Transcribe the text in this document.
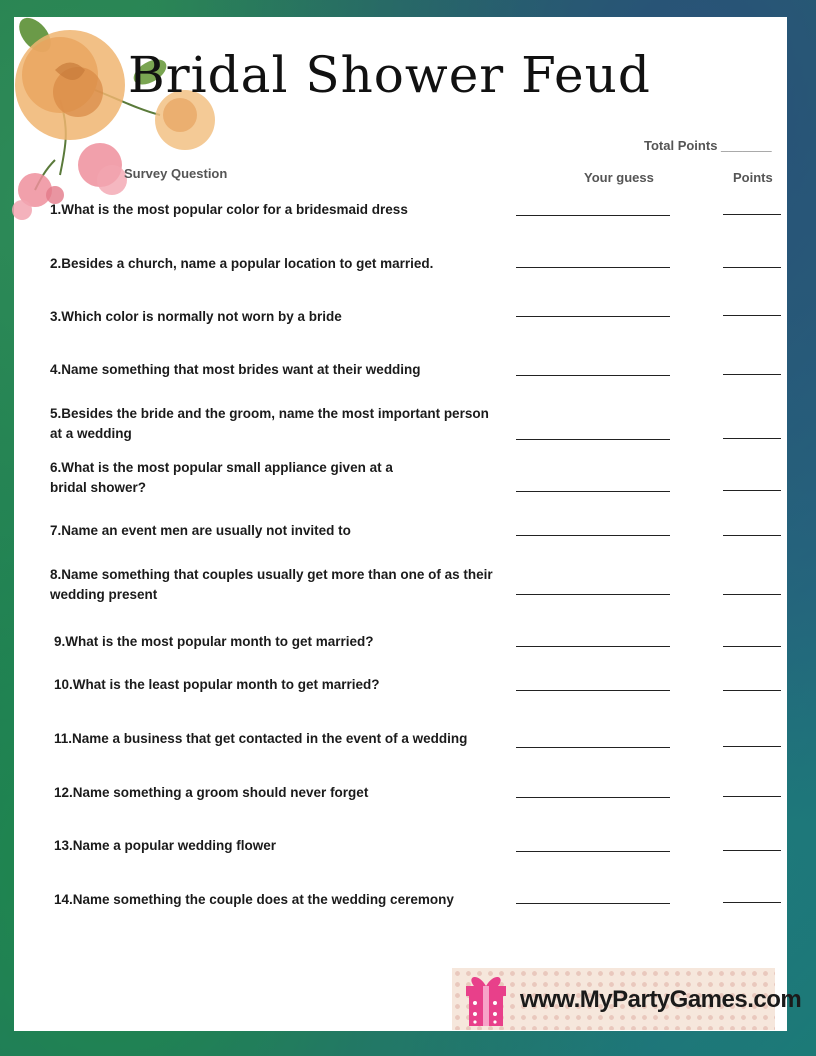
Bridal Shower Feud
Total Points _______
Survey Question	Your guess	Points
1.What is the most popular color for a bridesmaid dress
2.Besides a church, name a popular location to get married.
3.Which color is normally not worn by a bride
4.Name something that most brides want at their wedding
5.Besides the bride and the groom, name the most important person
at a wedding
6.What is the most popular small appliance given at a
bridal shower?
7.Name an event men are usually not invited to
8.Name something that couples usually get more than one of as their
wedding present
9.What is the most popular month to get married?
10.What is the least popular month to get married?
11.Name a business that get contacted in the event of a wedding
12.Name something a groom should never forget
13.Name a popular wedding flower
14.Name something the couple does at the wedding ceremony
www.MyPartyGames.com
